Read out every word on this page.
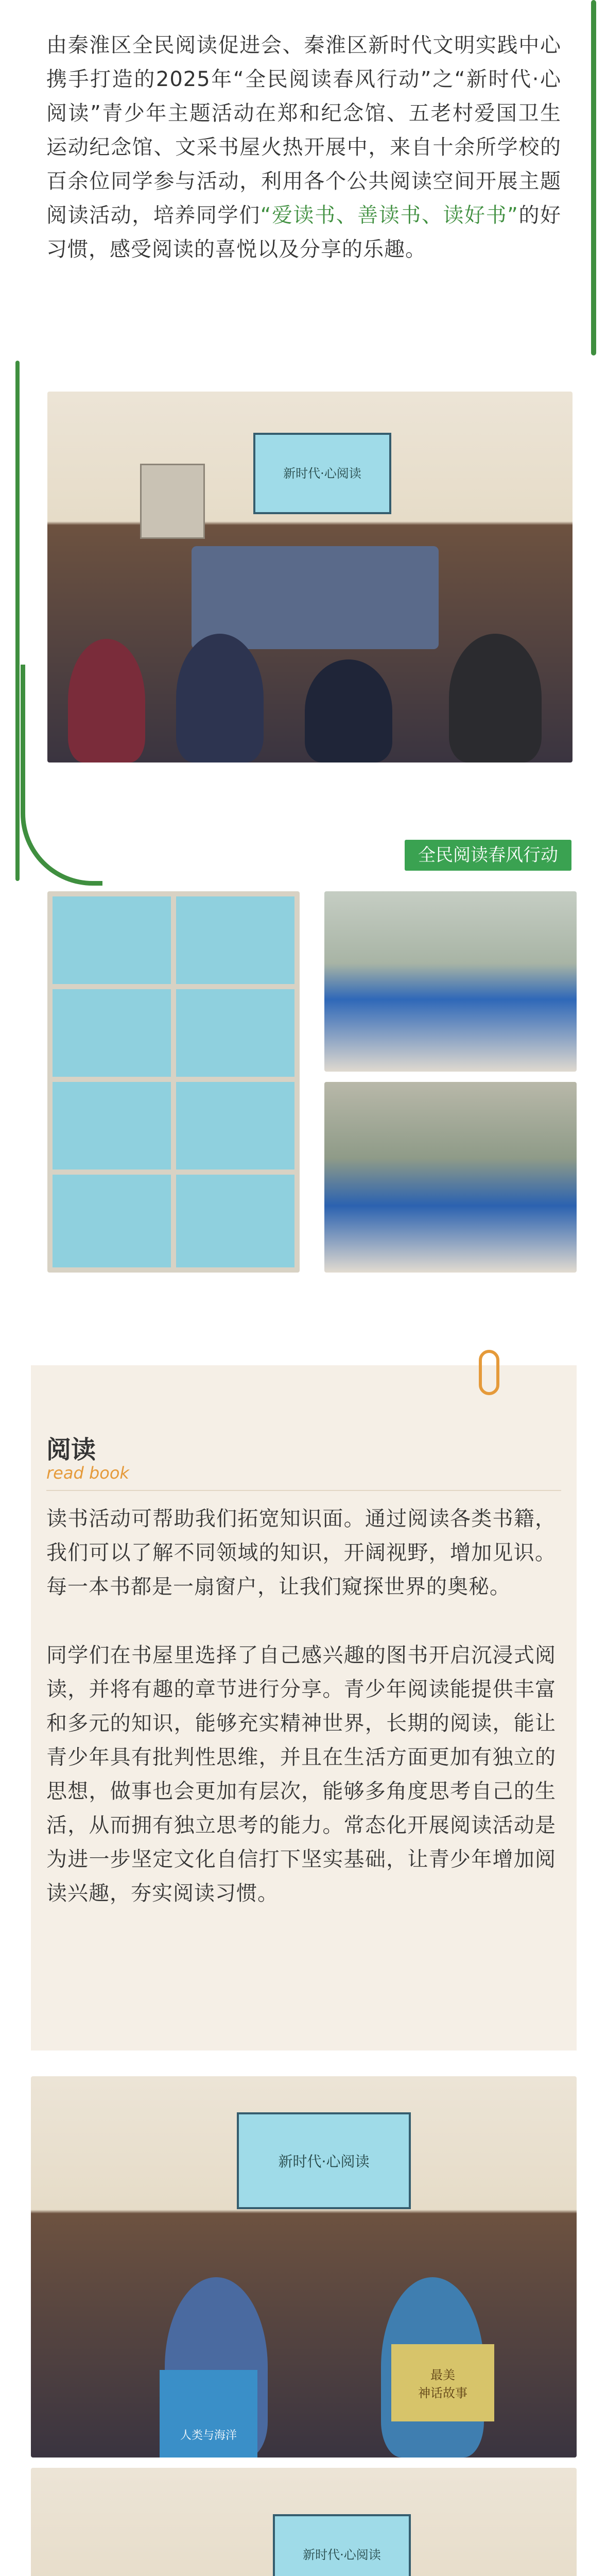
由秦淮区全民阅读促进会、秦淮区新时代文明实践中心携手打造的2025年“全民阅读春风行动”之“新时代·心阅读”青少年主题活动在郑和纪念馆、五老村爱国卫生运动纪念馆、文采书屋火热开展中，来自十余所学校的百余位同学参与活动，利用各个公共阅读空间开展主题阅读活动，培养同学们“爱读书、善读书、读好书”的好习惯，感受阅读的喜悦以及分享的乐趣。

新时代·心阅读
全民阅读春风行动
阅读
read book

读书活动可帮助我们拓宽知识面。通过阅读各类书籍，我们可以了解不同领域的知识，开阔视野，增加见识。每一本书都是一扇窗户，让我们窥探世界的奥秘。

同学们在书屋里选择了自己感兴趣的图书开启沉浸式阅读，并将有趣的章节进行分享。青少年阅读能提供丰富和多元的知识，能够充实精神世界，长期的阅读，能让青少年具有批判性思维，并且在生活方面更加有独立的思想，做事也会更加有层次，能够多角度思考自己的生活，从而拥有独立思考的能力。常态化开展阅读活动是为进一步坚定文化自信打下坚实基础，让青少年增加阅读兴趣，夯实阅读习惯。

新时代·心阅读
人类与海洋
最美
神话故事
新时代·心阅读
